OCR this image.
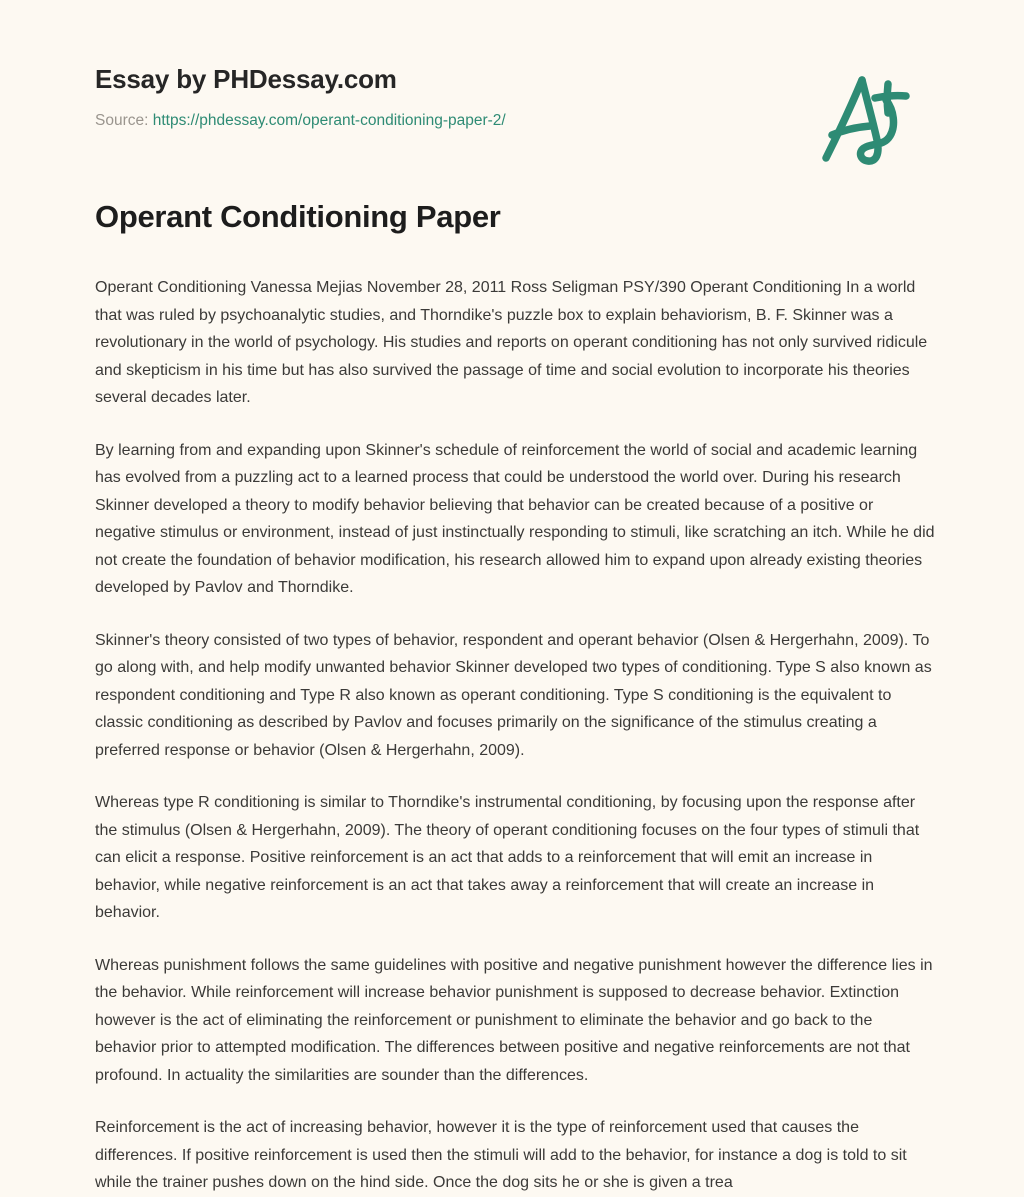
Essay by PHDessay.com
Source: https://phdessay.com/operant-conditioning-paper-2/
Operant Conditioning Paper

Operant Conditioning Vanessa Mejias November 28, 2011 Ross Seligman PSY/390 Operant Conditioning In a world that was ruled by psychoanalytic studies, and Thorndike's puzzle box to explain behaviorism, B. F. Skinner was a revolutionary in the world of psychology. His studies and reports on operant conditioning has not only survived ridicule and skepticism in his time but has also survived the passage of time and social evolution to incorporate his theories several decades later.

By learning from and expanding upon Skinner's schedule of reinforcement the world of social and academic learning has evolved from a puzzling act to a learned process that could be understood the world over. During his research Skinner developed a theory to modify behavior believing that behavior can be created because of a positive or negative stimulus or environment, instead of just instinctually responding to stimuli, like scratching an itch. While he did not create the foundation of behavior modification, his research allowed him to expand upon already existing theories developed by Pavlov and Thorndike.

Skinner's theory consisted of two types of behavior, respondent and operant behavior (Olsen & Hergerhahn, 2009). To go along with, and help modify unwanted behavior Skinner developed two types of conditioning. Type S also known as respondent conditioning and Type R also known as operant conditioning. Type S conditioning is the equivalent to classic conditioning as described by Pavlov and focuses primarily on the significance of the stimulus creating a preferred response or behavior (Olsen & Hergerhahn, 2009).

Whereas type R conditioning is similar to Thorndike's instrumental conditioning, by focusing upon the response after the stimulus (Olsen & Hergerhahn, 2009). The theory of operant conditioning focuses on the four types of stimuli that can elicit a response. Positive reinforcement is an act that adds to a reinforcement that will emit an increase in behavior, while negative reinforcement is an act that takes away a reinforcement that will create an increase in behavior.

Whereas punishment follows the same guidelines with positive and negative punishment however the difference lies in the behavior. While reinforcement will increase behavior punishment is supposed to decrease behavior. Extinction however is the act of eliminating the reinforcement or punishment to eliminate the behavior and go back to the behavior prior to attempted modification. The differences between positive and negative reinforcements are not that profound. In actuality the similarities are sounder than the differences.

Reinforcement is the act of increasing behavior, however it is the type of reinforcement used that causes the differences. If positive reinforcement is used then the stimuli will add to the behavior, for instance a dog is told to sit while the trainer pushes down on the hind side. Once the dog sits he or she is given a trea
